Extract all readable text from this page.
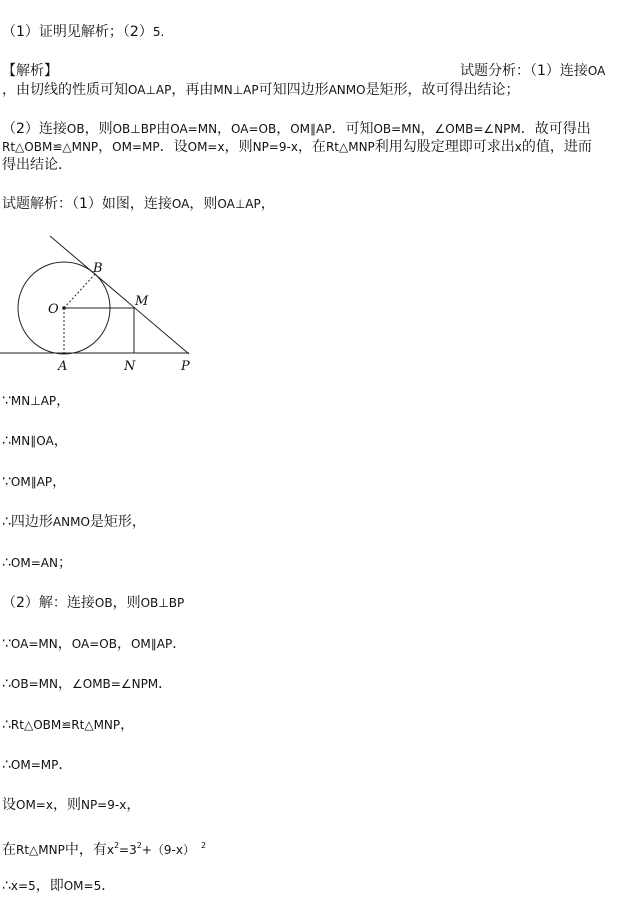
（1）证明见解析；（2）5.
【解析】	试题分析：（1）连接OA
，由切线的性质可知OA⊥AP，再由MN⊥AP可知四边形ANMO是矩形，故可得出结论；
（2）连接OB，则OB⊥BP由OA=MN，OA=OB，OM∥AP．可知OB=MN，∠OMB=∠NPM．故可得出
Rt△OBM≌△MNP，OM=MP．设OM=x，则NP=9-x，在Rt△MNP利用勾股定理即可求出x的值，进而
得出结论．
试题解析：（1）如图，连接OA，则OA⊥AP，
B
O
M
A	N	P
∵MN⊥AP，
∴MN∥OA，
∵OM∥AP，
∴四边形ANMO是矩形，
∴OM=AN；
（2）解：连接OB，则OB⊥BP
∵OA=MN，OA=OB，OM∥AP．
∴OB=MN，∠OMB=∠NPM．
∴Rt△OBM≌Rt△MNP，
∴OM=MP．
设OM=x，则NP=9-x，
在Rt△MNP中，有$x^2=3^2+(9-x)$ $^2$
∴x=5，即OM=5．
